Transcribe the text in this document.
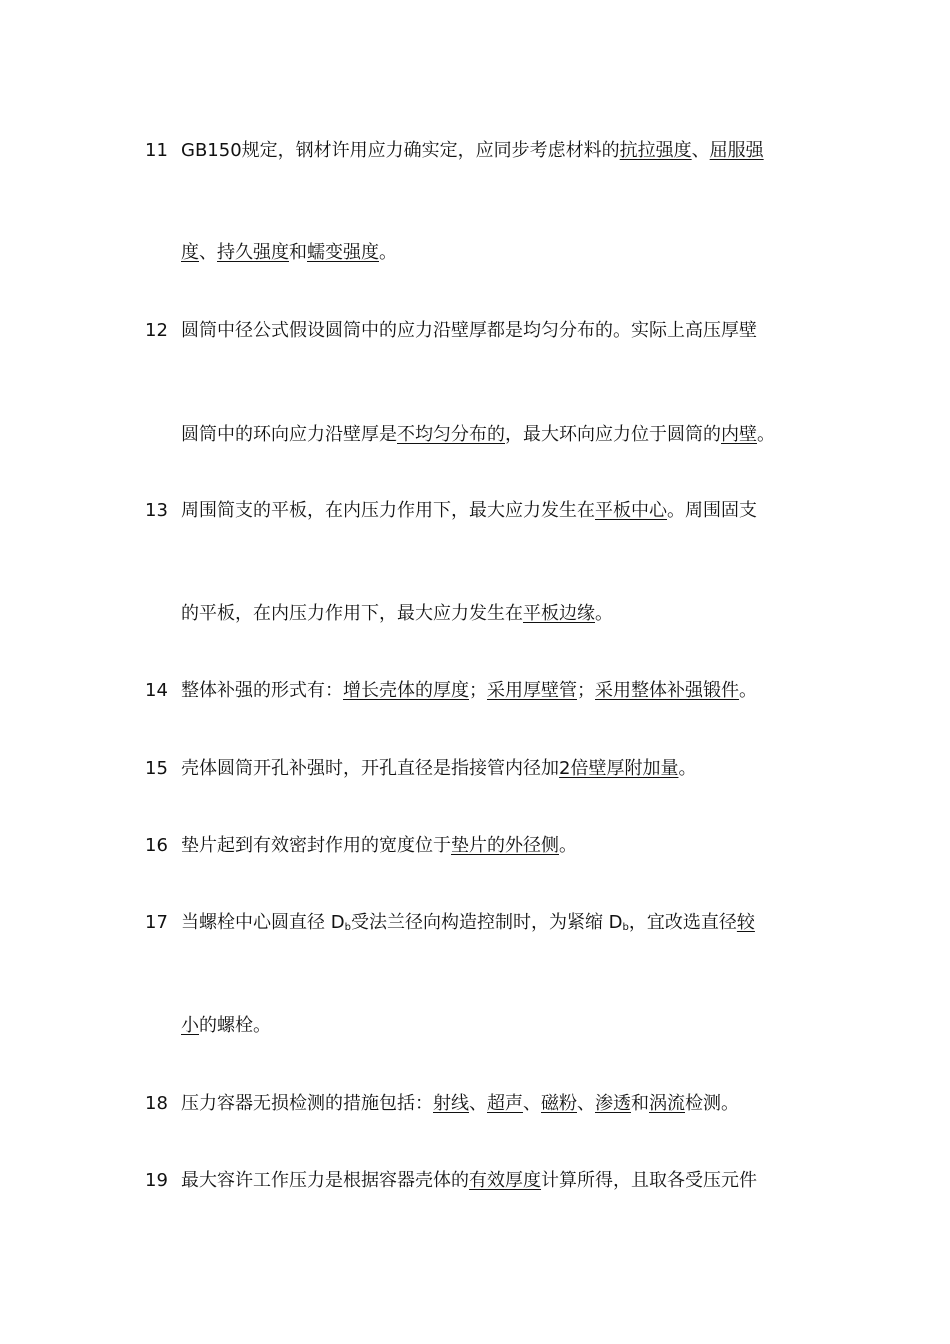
11 GB150规定，钢材许用应力确实定，应同步考虑材料的抗拉强度、屈服强
度、持久强度和蠕变强度。
12 圆筒中径公式假设圆筒中的应力沿壁厚都是均匀分布的。实际上高压厚壁
圆筒中的环向应力沿壁厚是不均匀分布的，最大环向应力位于圆筒的内壁。
13 周围简支的平板，在内压力作用下，最大应力发生在平板中心。周围固支
的平板，在内压力作用下，最大应力发生在平板边缘。
14 整体补强的形式有：增长壳体的厚度；采用厚壁管；采用整体补强锻件。
15 壳体圆筒开孔补强时，开孔直径是指接管内径加2倍壁厚附加量。
16 垫片起到有效密封作用的宽度位于垫片的外径侧。
17 当螺栓中心圆直径 $D_b$受法兰径向构造控制时，为紧缩 $D_b$，宜改选直径较
小的螺栓。
18 压力容器无损检测的措施包括：射线、超声、磁粉、渗透和涡流检测。
19 最大容许工作压力是根据容器壳体的有效厚度计算所得，且取各受压元件
